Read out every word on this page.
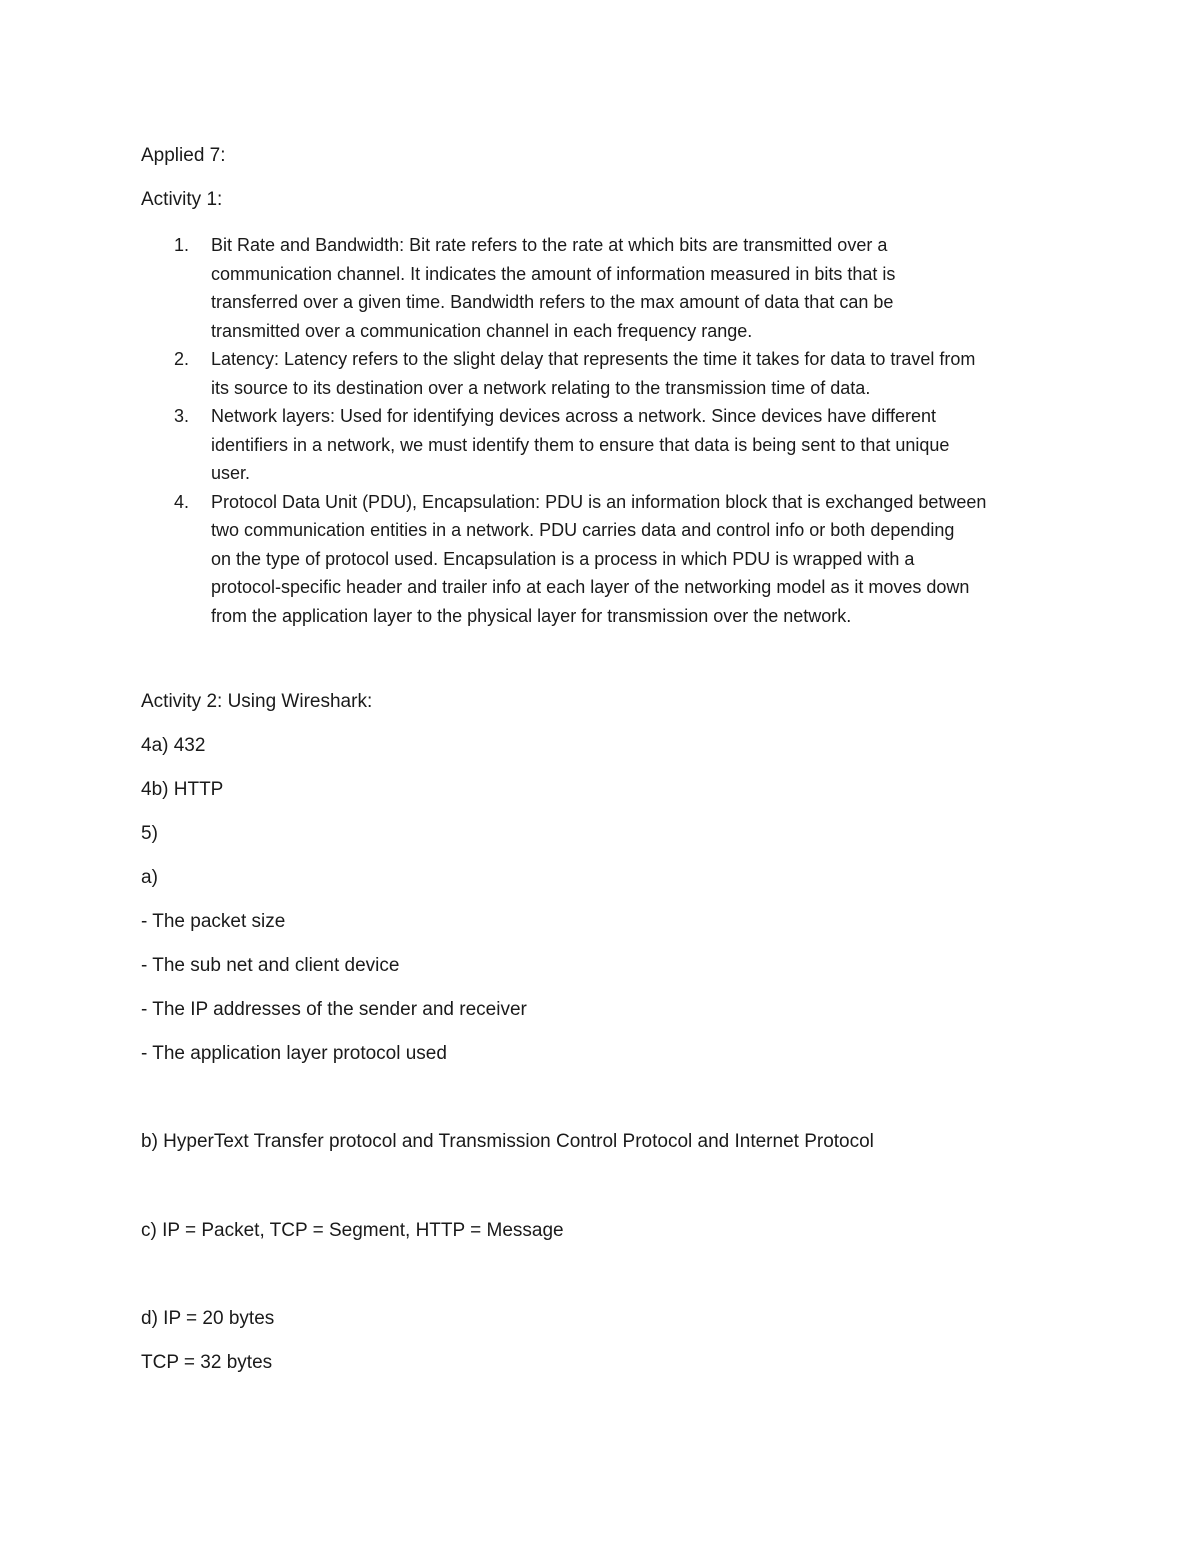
Applied 7:
Activity 1:
1.	Bit Rate and Bandwidth: Bit rate refers to the rate at which bits are transmitted over a
communication channel. It indicates the amount of information measured in bits that is
transferred over a given time. Bandwidth refers to the max amount of data that can be
transmitted over a communication channel in each frequency range.
2.	Latency: Latency refers to the slight delay that represents the time it takes for data to travel from
its source to its destination over a network relating to the transmission time of data.
3.	Network layers: Used for identifying devices across a network. Since devices have different
identifiers in a network, we must identify them to ensure that data is being sent to that unique
user.
4.	Protocol Data Unit (PDU), Encapsulation: PDU is an information block that is exchanged between
two communication entities in a network. PDU carries data and control info or both depending
on the type of protocol used. Encapsulation is a process in which PDU is wrapped with a
protocol-specific header and trailer info at each layer of the networking model as it moves down
from the application layer to the physical layer for transmission over the network.
Activity 2: Using Wireshark:
4a) 432
4b) HTTP
5)
a)
- The packet size
- The sub net and client device
- The IP addresses of the sender and receiver
- The application layer protocol used
b) HyperText Transfer protocol and Transmission Control Protocol and Internet Protocol
c) IP = Packet, TCP = Segment, HTTP = Message
d) IP = 20 bytes
TCP = 32 bytes
